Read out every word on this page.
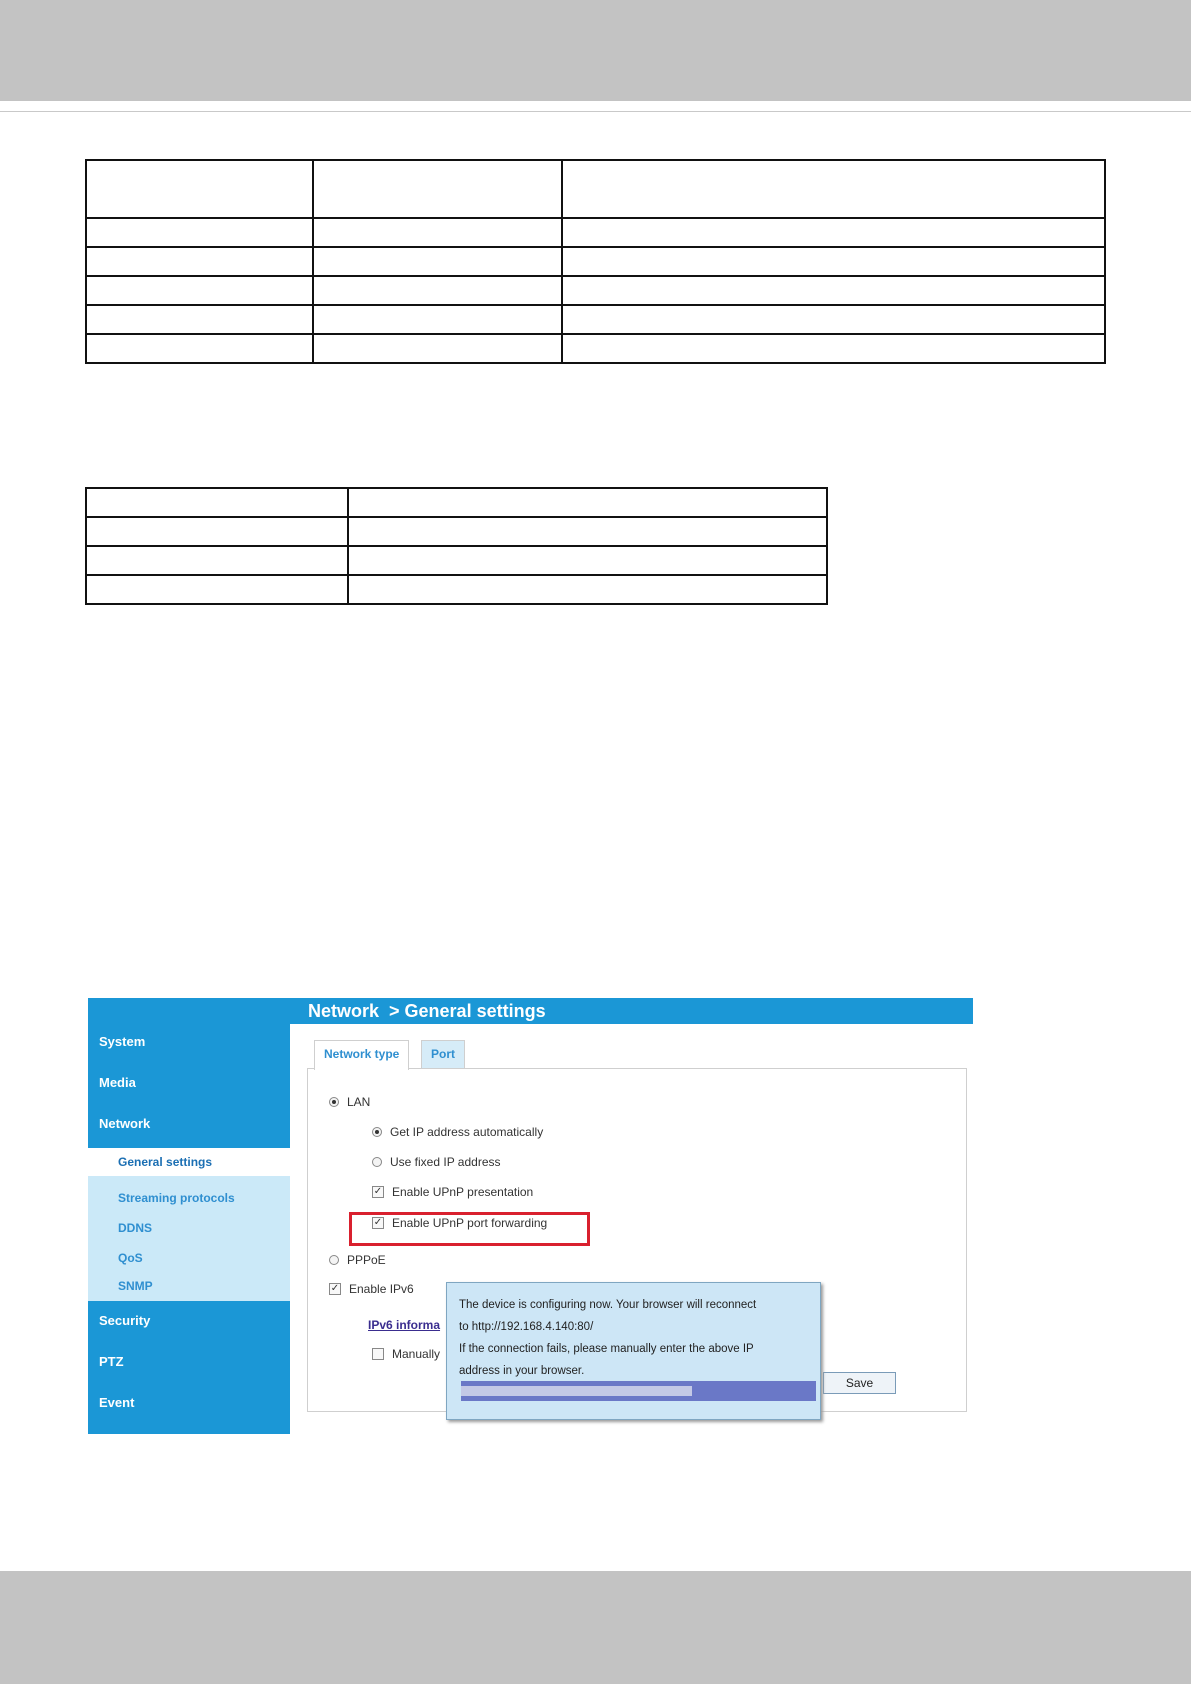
Network  > General settings
System
Media
Network
Streaming protocols
DDNS
QoS
SNMP
General settings
Security
PTZ
Event
Network type	Port
LAN
Get IP address automatically
Use fixed IP address
✓ Enable UPnP presentation
✓ Enable UPnP port forwarding
PPPoE
✓ Enable IPv6
IPv6 informa
Manually
Save
The device is configuring now. Your browser will reconnect
to http://192.168.4.140:80/
If the connection fails, please manually enter the above IP
address in your browser.
